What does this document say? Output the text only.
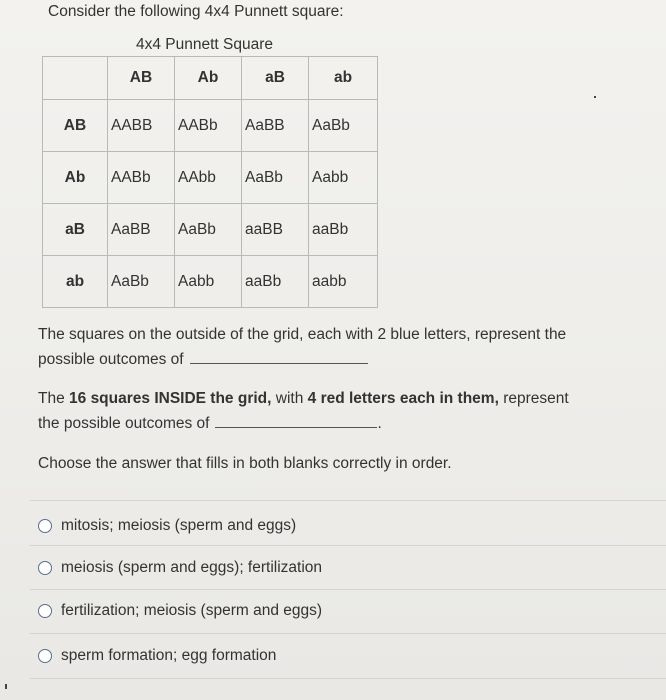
Consider the following 4x4 Punnett square:
4x4 Punnett Square
	AB	Ab	aB	ab
AB	AABB	AABb	AaBB	AaBb
Ab	AABb	AAbb	AaBb	Aabb
aB	AaBB	AaBb	aaBB	aaBb
ab	AaBb	Aabb	aaBb	aabb
The squares on the outside of the grid, each with 2 blue letters, represent the
possible outcomes of
The 16 squares INSIDE the grid, with 4 red letters each in them, represent
the possible outcomes of	.
Choose the answer that fills in both blanks correctly in order.
mitosis; meiosis (sperm and eggs)
meiosis (sperm and eggs); fertilization
fertilization; meiosis (sperm and eggs)
sperm formation; egg formation
